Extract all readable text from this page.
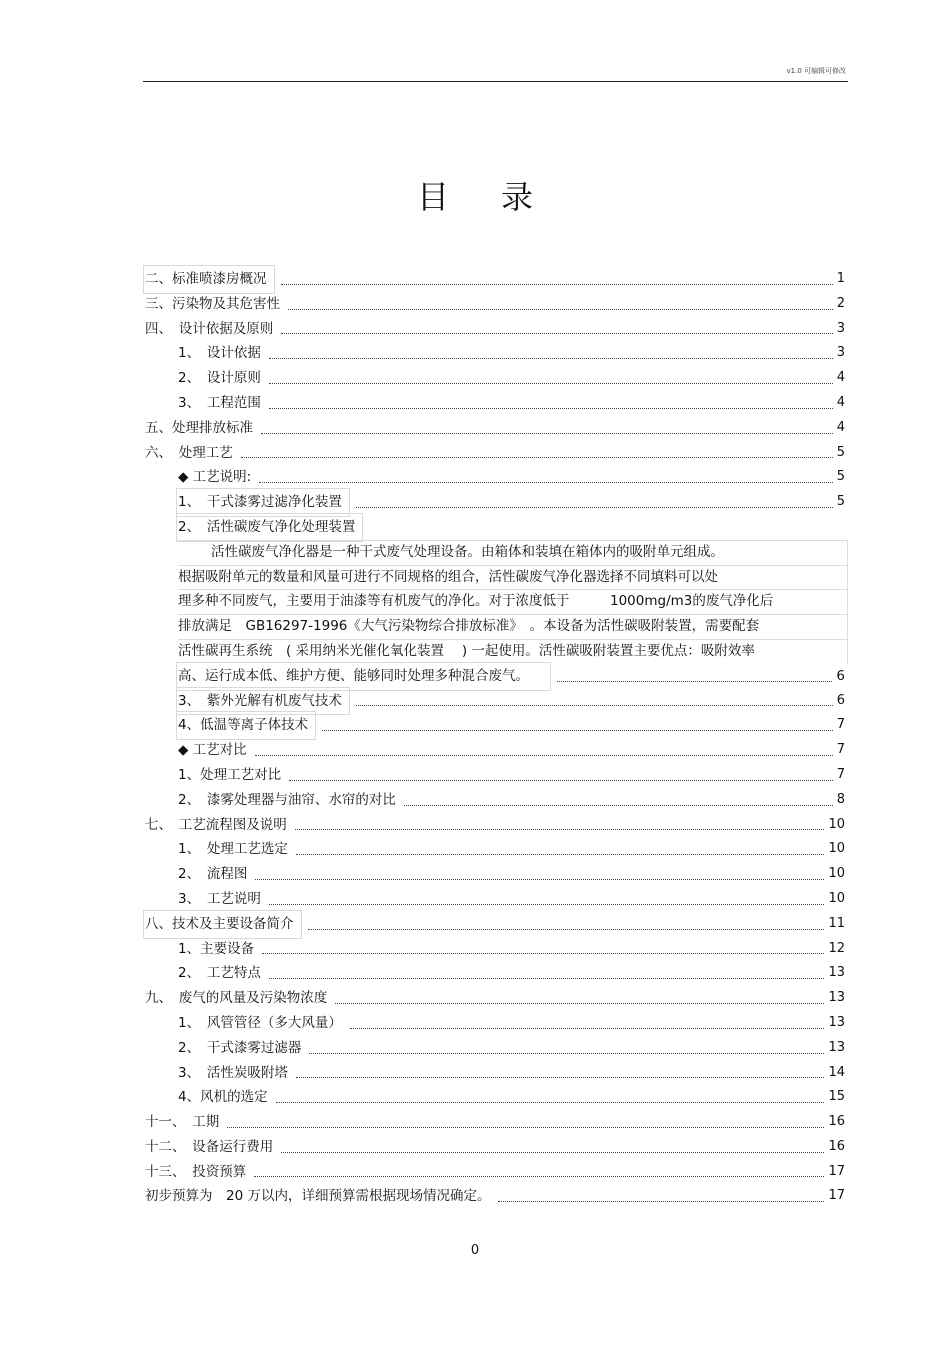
v1.0 可编辑可修改
目 录
二、标准喷漆房概况	1
三、污染物及其危害性	2
四、　设计依据及原则	3
1、　设计依据	3
2、　设计原则	4
3、　工程范围	4
五、处理排放标准	4
六、　处理工艺	5
◆ 工艺说明:	5
1、　干式漆雾过滤净化装置	5
2、　活性碳废气净化处理装置
活性碳废气净化器是一种干式废气处理设备。由箱体和装填在箱体内的吸附单元组成。
根据吸附单元的数量和风量可进行不同规格的组合，活性碳废气净化器选择不同填料可以处
理多种不同废气，主要用于油漆等有机废气的净化。对于浓度低于　　　1000mg/m3的废气净化后
排放满足　GB16297-1996《大气污染物综合排放标准》　。本设备为活性碳吸附装置，需要配套
活性碳再生系统　( 采用纳米光催化氧化装置　 ) 一起使用。活性碳吸附装置主要优点：吸附效率
高、运行成本低、维护方便、能够同时处理多种混合废气。	6
3、　紫外光解有机废气技术	6
4、低温等离子体技术	7
◆ 工艺对比	7
1、处理工艺对比	7
2、　漆雾处理器与油帘、水帘的对比	8
七、　工艺流程图及说明	10
1、　处理工艺选定	10
2、　流程图	10
3、　工艺说明	10
八、技术及主要设备简介	11
1、主要设备	12
2、　工艺特点	13
九、　废气的风量及污染物浓度	13
1、　风管管径（多大风量）	13
2、　干式漆雾过滤器	13
3、　活性炭吸附塔	14
4、风机的选定	15
十一、　工期	16
十二、　设备运行费用	16
十三、　投资预算	17
初步预算为　20 万以内，详细预算需根据现场情况确定。	17
0
